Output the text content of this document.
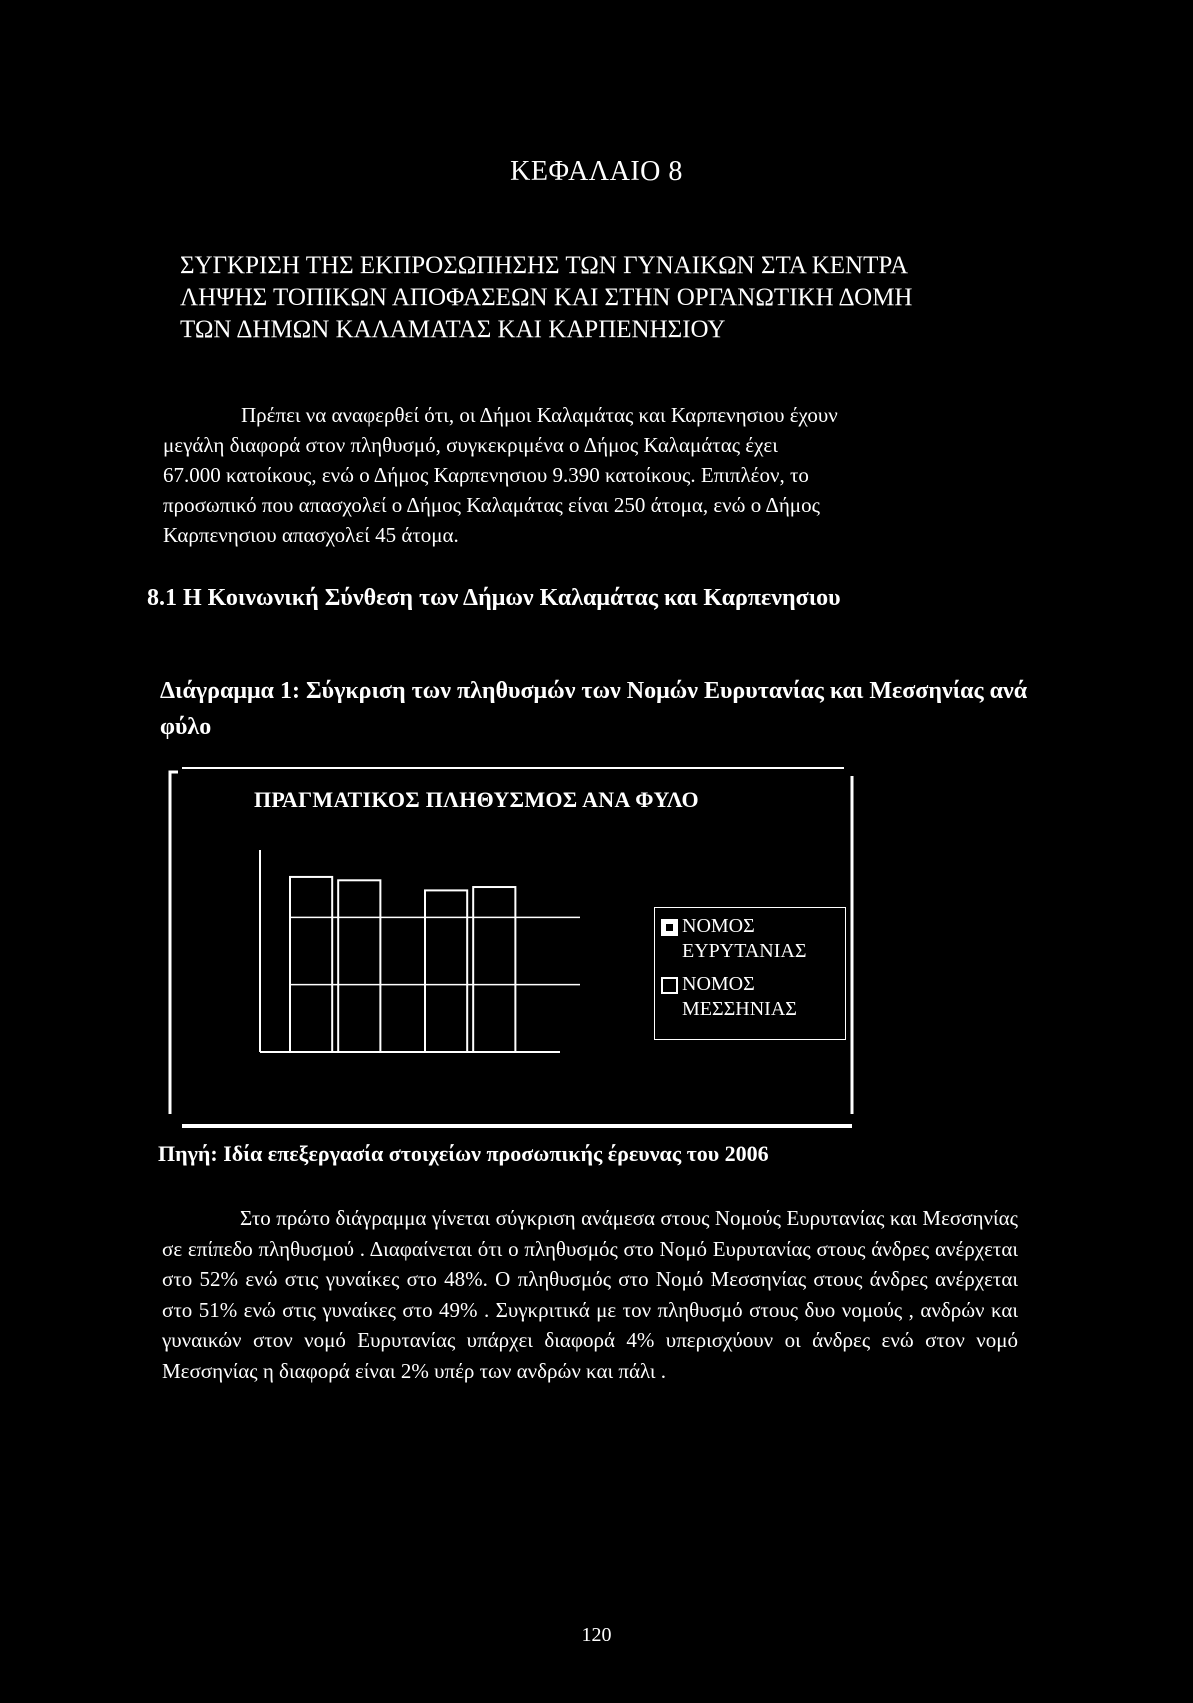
ΚΕΦΑΛΑΙΟ 8
ΣΥΓΚΡΙΣΗ ΤΗΣ ΕΚΠΡΟΣΩΠΗΣΗΣ ΤΩΝ ΓΥΝΑΙΚΩΝ ΣΤΑ ΚΕΝΤΡΑ
ΛΗΨΗΣ ΤΟΠΙΚΩΝ ΑΠΟΦΑΣΕΩΝ ΚΑΙ ΣΤΗΝ ΟΡΓΑΝΩΤΙΚΗ ΔΟΜΗ
ΤΩΝ ΔΗΜΩΝ ΚΑΛΑΜΑΤΑΣ ΚΑΙ ΚΑΡΠΕΝΗΣΙΟΥ
Πρέπει να αναφερθεί ότι, οι Δήμοι Καλαμάτας και Καρπενησιου έχουν
μεγάλη διαφορά στον πληθυσμό, συγκεκριμένα ο Δήμος Καλαμάτας έχει
67.000 κατοίκους, ενώ ο Δήμος Καρπενησιου 9.390 κατοίκους. Επιπλέον, το
προσωπικό που απασχολεί ο Δήμος Καλαμάτας είναι 250 άτομα, ενώ ο Δήμος
Καρπενησιου απασχολεί 45 άτομα.
8.1 Η Κοινωνική Σύνθεση των Δήμων Καλαμάτας και Καρπενησιου
Διάγραμμα 1: Σύγκριση των πληθυσμών των Νομών Ευρυτανίας και Μεσσηνίας ανά φύλο
ΠΡΑΓΜΑΤΙΚΟΣ ΠΛΗΘΥΣΜΟΣ ΑΝΑ ΦΥΛΟ
ΝΟΜΟΣ
ΕΥΡΥΤΑΝΙΑΣ
ΝΟΜΟΣ
ΜΕΣΣΗΝΙΑΣ
Πηγή: Ιδία επεξεργασία στοιχείων προσωπικής έρευνας του 2006
Στο πρώτο διάγραμμα γίνεται σύγκριση ανάμεσα στους Νομούς Ευρυτανίας και Μεσσηνίας σε επίπεδο πληθυσμού . Διαφαίνεται ότι ο πληθυσμός στο Νομό Ευρυτανίας στους άνδρες ανέρχεται στο 52% ενώ στις γυναίκες στο 48%. Ο πληθυσμός στο Νομό Μεσσηνίας στους άνδρες ανέρχεται στο 51% ενώ στις γυναίκες στο 49% . Συγκριτικά με τον πληθυσμό στους δυο νομούς , ανδρών και γυναικών στον νομό Ευρυτανίας υπάρχει διαφορά 4% υπερισχύουν οι άνδρες ενώ στον νομό Μεσσηνίας η διαφορά είναι 2% υπέρ των ανδρών και πάλι .
120
